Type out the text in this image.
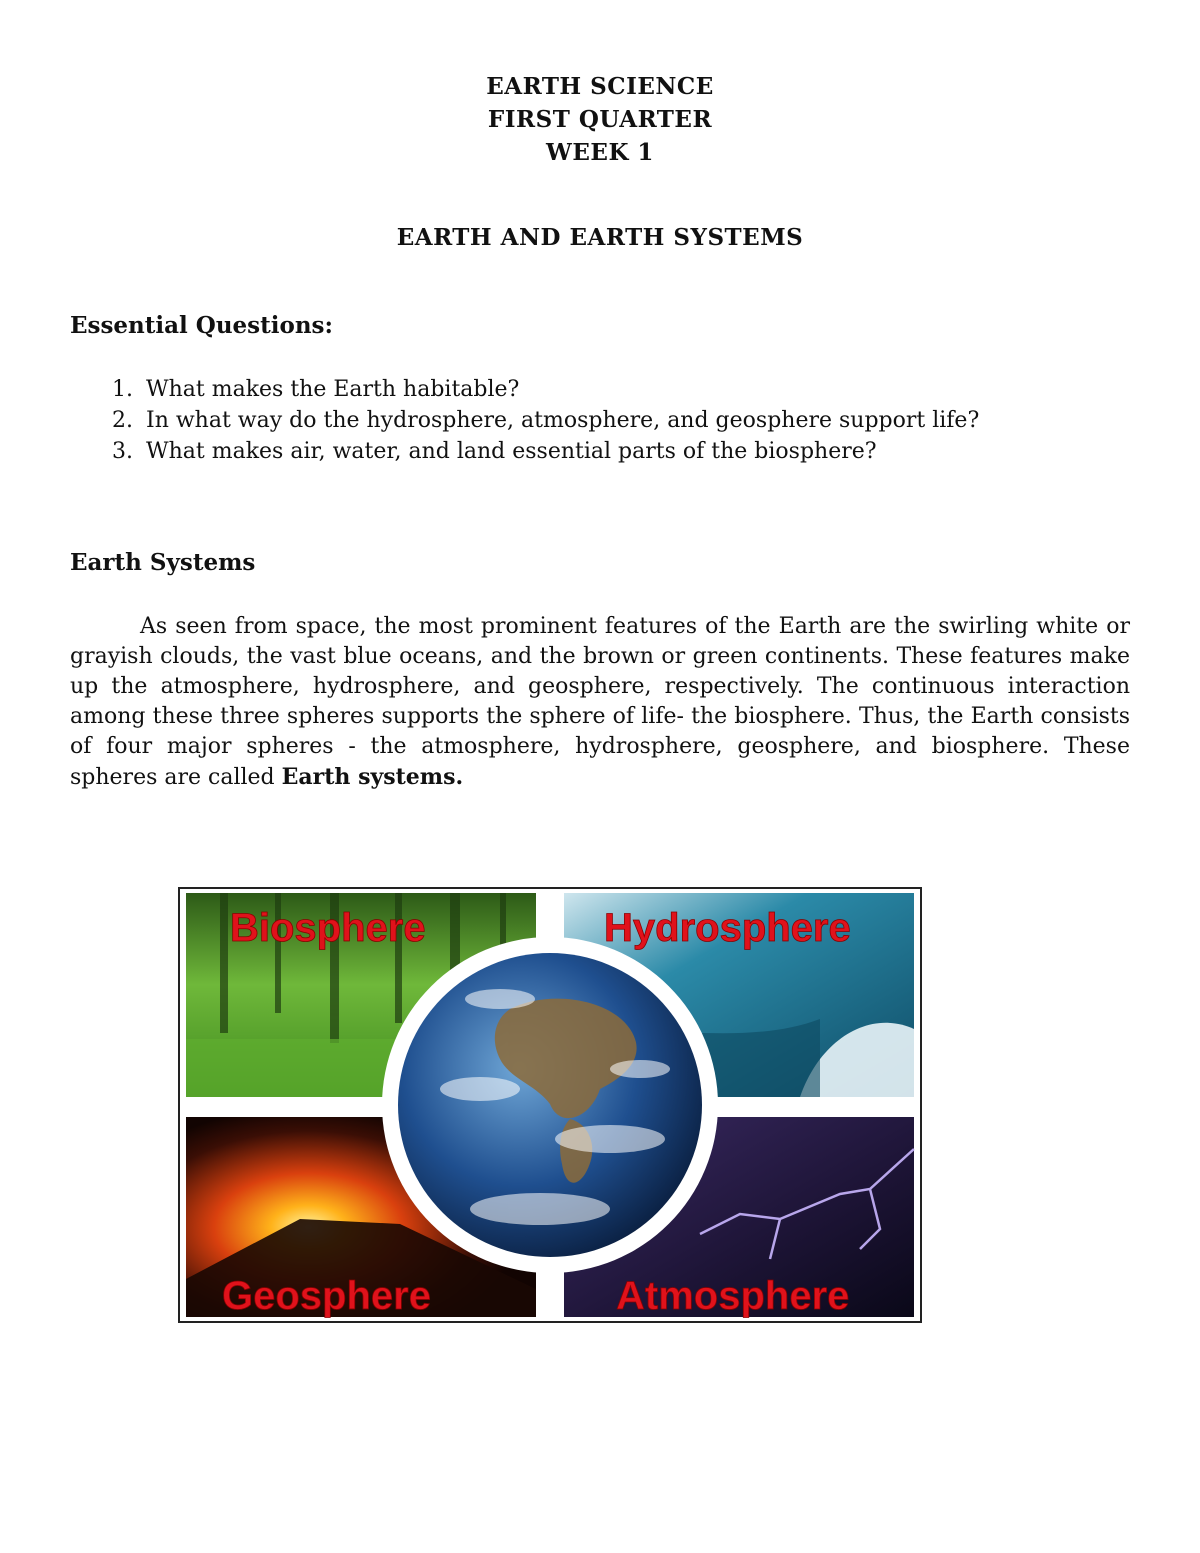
EARTH SCIENCE
FIRST QUARTER
WEEK 1
EARTH AND EARTH SYSTEMS
Essential Questions:
1. What makes the Earth habitable?
2. In what way do the hydrosphere, atmosphere, and geosphere support life?
3. What makes air, water, and land essential parts of the biosphere?
Earth Systems
As seen from space, the most prominent features of the Earth are the swirling white or grayish clouds, the vast blue oceans, and the brown or green continents. These features make up the atmosphere, hydrosphere, and geosphere, respectively. The continuous interaction among these three spheres supports the sphere of life- the biosphere. Thus, the Earth consists of four major spheres - the atmosphere, hydrosphere, geosphere, and biosphere. These spheres are called Earth systems.
Biosphere	Hydrosphere
Geosphere	Atmosphere
